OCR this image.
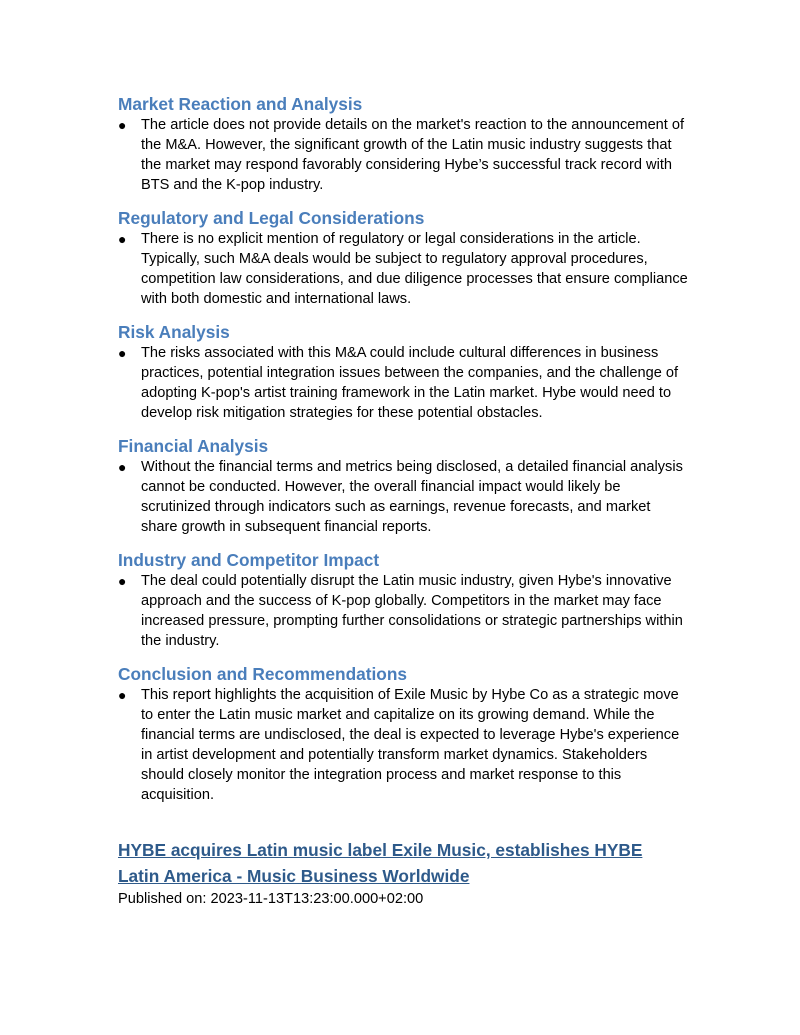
Market Reaction and Analysis
● The article does not provide details on the market's reaction to the announcement of the M&A. However, the significant growth of the Latin music industry suggests that the market may respond favorably considering Hybe’s successful track record with BTS and the K-pop industry.
Regulatory and Legal Considerations
● There is no explicit mention of regulatory or legal considerations in the article. Typically, such M&A deals would be subject to regulatory approval procedures, competition law considerations, and due diligence processes that ensure compliance with both domestic and international laws.
Risk Analysis
● The risks associated with this M&A could include cultural differences in business practices, potential integration issues between the companies, and the challenge of adopting K-pop's artist training framework in the Latin market. Hybe would need to develop risk mitigation strategies for these potential obstacles.
Financial Analysis
● Without the financial terms and metrics being disclosed, a detailed financial analysis cannot be conducted. However, the overall financial impact would likely be scrutinized through indicators such as earnings, revenue forecasts, and market share growth in subsequent financial reports.
Industry and Competitor Impact
● The deal could potentially disrupt the Latin music industry, given Hybe's innovative approach and the success of K-pop globally. Competitors in the market may face increased pressure, prompting further consolidations or strategic partnerships within the industry.
Conclusion and Recommendations
● This report highlights the acquisition of Exile Music by Hybe Co as a strategic move to enter the Latin music market and capitalize on its growing demand. While the financial terms are undisclosed, the deal is expected to leverage Hybe's experience in artist development and potentially transform market dynamics. Stakeholders should closely monitor the integration process and market response to this acquisition.
HYBE acquires Latin music label Exile Music, establishes HYBE Latin America - Music Business Worldwide
Published on: 2023-11-13T13:23:00.000+02:00
